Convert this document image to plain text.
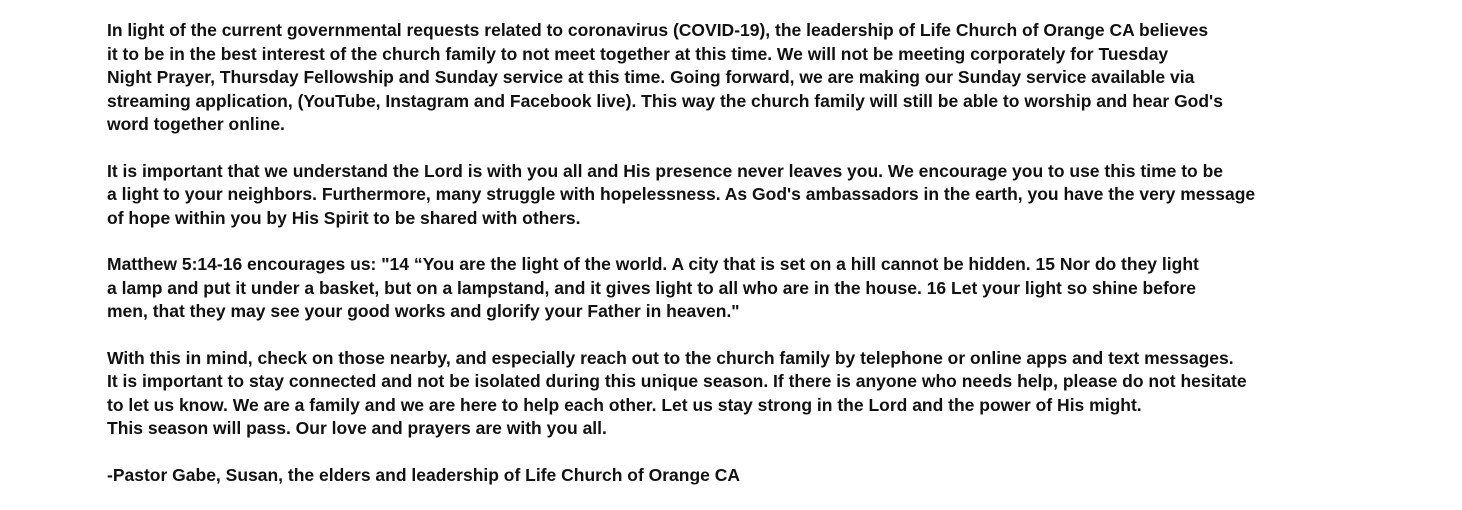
In light of the current governmental requests related to coronavirus (COVID-19), the leadership of Life Church of Orange CA believes
it to be in the best interest of the church family to not meet together at this time. We will not be meeting corporately for Tuesday
Night Prayer, Thursday Fellowship and Sunday service at this time. Going forward, we are making our Sunday service available via
streaming application, (YouTube, Instagram and Facebook live). This way the church family will still be able to worship and hear God's
word together online.
It is important that we understand the Lord is with you all and His presence never leaves you. We encourage you to use this time to be
a light to your neighbors. Furthermore, many struggle with hopelessness. As God's ambassadors in the earth, you have the very message
of hope within you by His Spirit to be shared with others.
Matthew 5:14-16 encourages us: "14 “You are the light of the world. A city that is set on a hill cannot be hidden. 15 Nor do they light
a lamp and put it under a basket, but on a lampstand, and it gives light to all who are in the house. 16 Let your light so shine before
men, that they may see your good works and glorify your Father in heaven."
With this in mind, check on those nearby, and especially reach out to the church family by telephone or online apps and text messages.
It is important to stay connected and not be isolated during this unique season. If there is anyone who needs help, please do not hesitate
to let us know. We are a family and we are here to help each other. Let us stay strong in the Lord and the power of His might.
This season will pass. Our love and prayers are with you all.
-Pastor Gabe, Susan, the elders and leadership of Life Church of Orange CA
